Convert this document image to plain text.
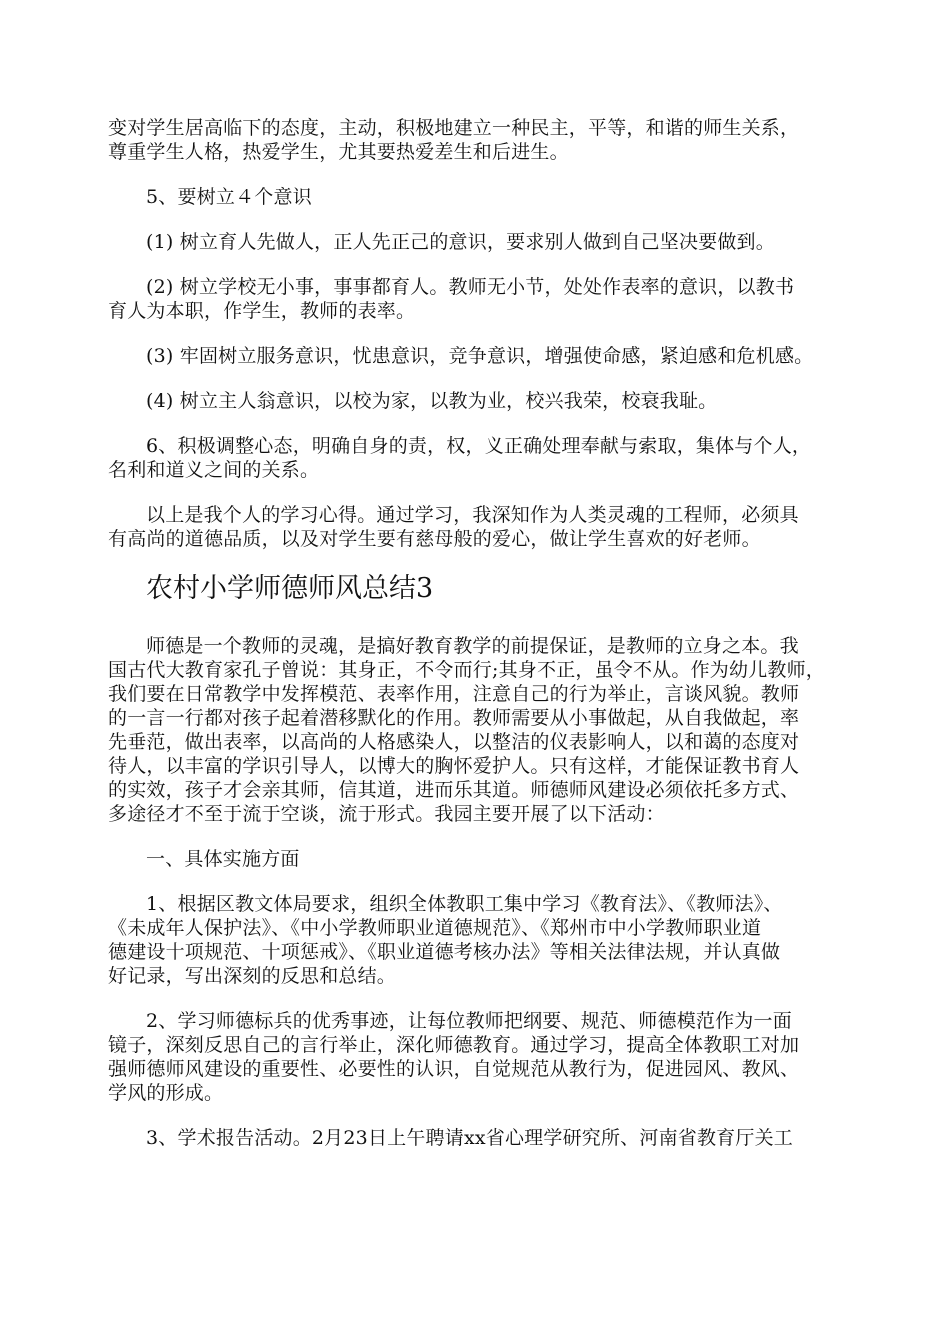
变对学生居高临下的态度，主动，积极地建立一种民主，平等，和谐的师生关系，
尊重学生人格，热爱学生，尤其要热爱差生和后进生。
5、要树立４个意识
(1) 树立育人先做人，正人先正己的意识，要求别人做到自己坚决要做到。
(2) 树立学校无小事，事事都育人。教师无小节，处处作表率的意识，以教书
育人为本职，作学生，教师的表率。
(3) 牢固树立服务意识，忧患意识，竞争意识，增强使命感，紧迫感和危机感。
(4) 树立主人翁意识，以校为家，以教为业，校兴我荣，校衰我耻。
6、积极调整心态，明确自身的责，权，义正确处理奉献与索取，集体与个人，
名利和道义之间的关系。
以上是我个人的学习心得。通过学习，我深知作为人类灵魂的工程师，必须具
有高尚的道德品质，以及对学生要有慈母般的爱心，做让学生喜欢的好老师。
农村小学师德师风总结3
师德是一个教师的灵魂，是搞好教育教学的前提保证，是教师的立身之本。我
国古代大教育家孔子曾说：其身正，不令而行;其身不正，虽令不从。作为幼儿教师，
我们要在日常教学中发挥模范、表率作用，注意自己的行为举止，言谈风貌。教师
的一言一行都对孩子起着潜移默化的作用。教师需要从小事做起，从自我做起，率
先垂范，做出表率，以高尚的人格感染人，以整洁的仪表影响人，以和蔼的态度对
待人，以丰富的学识引导人，以博大的胸怀爱护人。只有这样，才能保证教书育人
的实效，孩子才会亲其师，信其道，进而乐其道。师德师风建设必须依托多方式、
多途径才不至于流于空谈，流于形式。我园主要开展了以下活动：
一、具体实施方面
1、根据区教文体局要求，组织全体教职工集中学习《教育法》、《教师法》、
《未成年人保护法》、《中小学教师职业道德规范》、《郑州市中小学教师职业道
德建设十项规范、十项惩戒》、《职业道德考核办法》等相关法律法规，并认真做
好记录，写出深刻的反思和总结。
2、学习师德标兵的优秀事迹，让每位教师把纲要、规范、师德模范作为一面
镜子，深刻反思自己的言行举止，深化师德教育。通过学习，提高全体教职工对加
强师德师风建设的重要性、必要性的认识，自觉规范从教行为，促进园风、教风、
学风的形成。
3、学术报告活动。2月23日上午聘请xx省心理学研究所、河南省教育厅关工
